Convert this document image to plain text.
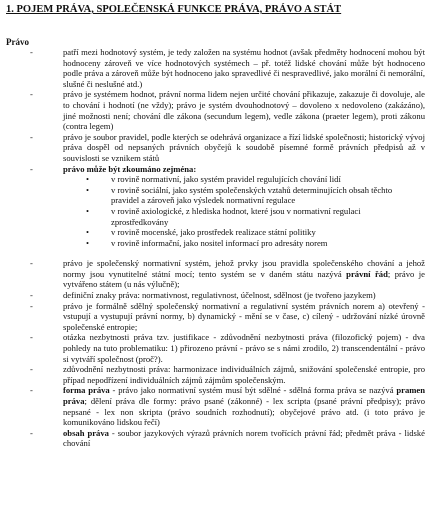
1. POJEM PRÁVA, SPOLEČENSKÁ FUNKCE PRÁVA, PRÁVO A STÁT
Právo
-	patří mezi hodnotový systém, je tedy založen na systému hodnot (avšak předměty hodnocení mohou být hodnoceny zároveň ve více hodnotových systémech – př. totéž lidské chování může být hodnoceno podle práva a zároveň může být hodnoceno jako spravedlivé či nespravedlivé, jako morální či nemorální, slušné či neslušné atd.)
-	právo je systémem hodnot, právní norma lidem nejen určité chování přikazuje, zakazuje či dovoluje, ale to chování i hodnotí (ne vždy); právo je systém dvouhodnotový – dovoleno x nedovoleno (zakázáno), jiné možnosti není; chování dle zákona (secundum legem), vedle zákona (praeter legem), proti zákonu (contra legem)
-	právo je soubor pravidel, podle kterých se odehrává organizace a řízí lidské společnosti; historický vývoj práva dospěl od nepsaných právních obyčejů k soudobě písemné formě právních předpisů až v souvislosti se vznikem států
-	právo může být zkoumáno zejména:
•	v rovině normativní, jako systém pravidel regulujících chování lidí
•	v rovině sociální, jako systém společenských vztahů determinujících obsah těchto pravidel a zároveň jako výsledek normativní regulace
•	v rovině axiologické, z hlediska hodnot, které jsou v normativní regulaci zprostředkovány
•	v rovině mocenské, jako prostředek realizace státní politiky
•	v rovině informační, jako nositel informací pro adresáty norem
-	právo je společenský normativní systém, jehož prvky jsou pravidla společenského chování a jehož normy jsou vynutitelné státní mocí; tento systém se v daném státu nazývá právní řád; právo je vytvářeno státem (u nás výlučně);
-	definiční znaky práva: normativnost, regulativnost, účelnost, sdělnost (je tvořeno jazykem)
-	právo je formálně sdělný společenský normativní a regulativní systém právních norem a) otevřený - vstupují a vystupují právní normy, b) dynamický - mění se v čase, c) cílený - udržování nízké úrovně společenské entropie;
-	otázka nezbytnosti práva tzv. justifikace - zdůvodnění nezbytnosti práva (filozofický pojem) - dva pohledy na tuto problematiku: 1) přirozeno právní - právo se s námi zrodilo, 2) transcendentální - právo si vytváří společnost (proč?).
-	zdůvodnění nezbytnosti práva: harmonizace individuálních zájmů, snižování společenské entropie, pro případ nepodřízení individuálních zájmů zájmům společenským.
-	forma práva - právo jako normativní systém musí být sdělné - sdělná forma práva se nazývá pramen práva; dělení práva dle formy: právo psané (zákonné) - lex scripta (psané právní předpisy); právo nepsané - lex non skripta (právo soudních rozhodnutí); obyčejové právo atd. (i toto právo je komunikováno lidskou řečí)
-	obsah práva - soubor jazykových výrazů právních norem tvořících právní řád; předmět práva - lidské chování
